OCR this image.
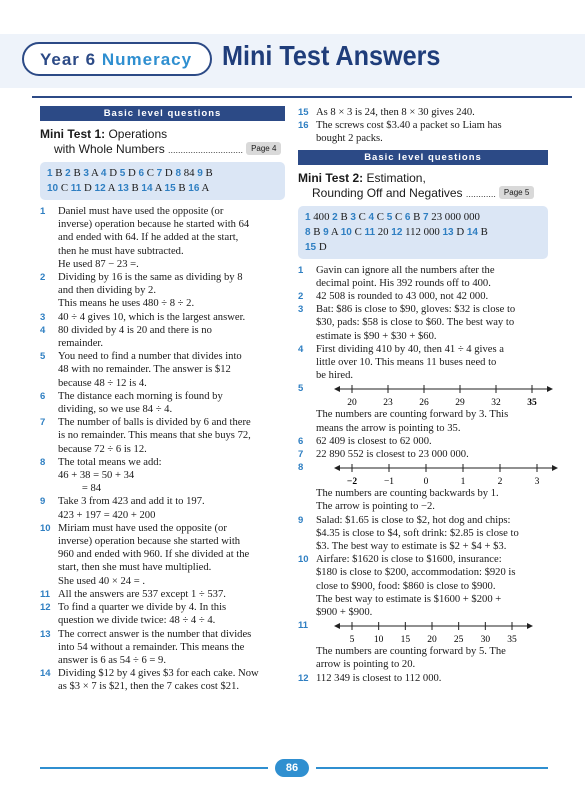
Year 6 Numeracy Mini Test Answers
Basic level questions
Mini Test 1: Operations
with Whole Numbers .............................. Page 4
1 B 2 B 3 A 4 D 5 D 6 C 7 D 8 84 9 B
10 C 11 D 12 A 13 B 14 A 15 B 16 A
1 Daniel must have used the opposite (or

inverse) operation because he started with 64

and ended with 64. If he added at the start,

then he must have subtracted.

He used 87 − 23 =.

2 Dividing by 16 is the same as dividing by 8

and then dividing by 2.

This means he uses 480 ÷ 8 ÷ 2.

3 40 ÷ 4 gives 10, which is the largest answer.

4 80 divided by 4 is 20 and there is no

remainder.

5 You need to find a number that divides into

48 with no remainder. The answer is $12

because 48 ÷ 12 is 4.

6 The distance each morning is found by

dividing, so we use 84 ÷ 4.

7 The number of balls is divided by 6 and there

is no remainder. This means that she buys 72,

because 72 ÷ 6 is 12.

8 The total means we add:

46 + 38 = 50 + 34

= 84

9 Take 3 from 423 and add it to 197.

423 + 197 = 420 + 200

10 Miriam must have used the opposite (or

inverse) operation because she started with

960 and ended with 960. If she divided at the

start, then she must have multiplied.

She used 40 × 24 = .

11 All the answers are 537 except 1 ÷ 537.

12 To find a quarter we divide by 4. In this

question we divide twice: 48 ÷ 4 ÷ 4.

13 The correct answer is the number that divides

into 54 without a remainder. This means the

answer is 6 as 54 ÷ 6 = 9.

14 Dividing $12 by 4 gives $3 for each cake. Now

as $3 × 7 is $21, then the 7 cakes cost $21.

15 As 8 × 3 is 24, then 8 × 30 gives 240.

16 The screws cost $3.40 a packet so Liam has

bought 2 packs.

Basic level questions
Mini Test 2: Estimation,
Rounding Off and Negatives ............ Page 5
1 400 2 B 3 C 4 C 5 C 6 B 7 23 000 000
8 B 9 A 10 C 11 20 12 112 000 13 D 14 B
15 D
1 Gavin can ignore all the numbers after the

decimal point. His 392 rounds off to 400.

2 42 508 is rounded to 43 000, not 42 000.

3 Bat: $86 is close to $90, gloves: $32 is close to

$30, pads: $58 is close to $60. The best way to

estimate is $90 + $30 + $60.

4 First dividing 410 by 40, then 41 ÷ 4 gives a

little over 10. This means 11 buses need to

be hired.

5
20	23	26	29	32	35

The numbers are counting forward by 3. This

means the arrow is pointing to 35.

6 62 409 is closest to 62 000.

7 22 890 552 is closest to 23 000 000.

8
−2	−1	0	1	2	3

The numbers are counting backwards by 1.

The arrow is pointing to −2.

9 Salad: $1.65 is close to $2, hot dog and chips:

$4.35 is close to $4, soft drink: $2.85 is close to

$3. The best way to estimate is $2 + $4 + $3.

10 Airfare: $1620 is close to $1600, insurance:

$180 is close to $200, accommodation: $920 is

close to $900, food: $860 is close to $900.

The best way to estimate is $1600 + $200 +

$900 + $900.

11
5 10 15 20 25 30 35

The numbers are counting forward by 5. The

arrow is pointing to 20.

12 112 349 is closest to 112 000.

86
